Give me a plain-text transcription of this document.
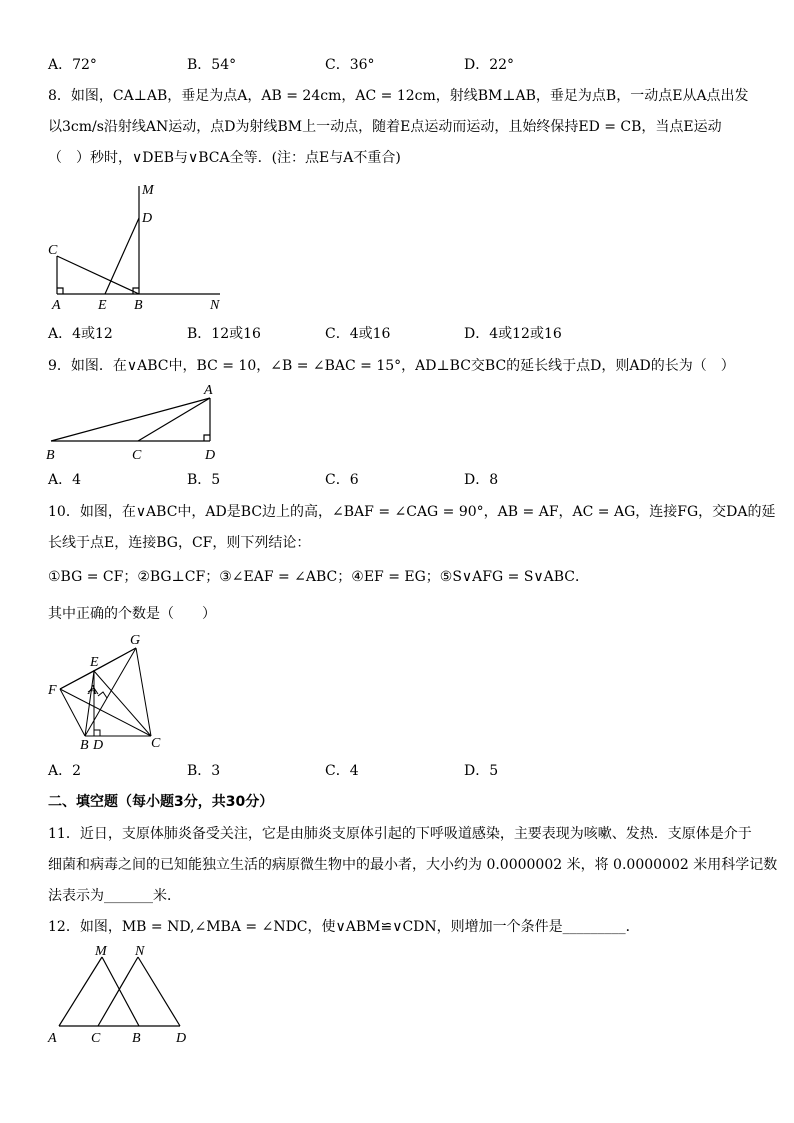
A．72°	B．54°	C．36°	D．22°
8．如图，CA⊥AB，垂足为点A，AB = 24cm，AC = 12cm，射线BM⊥AB，垂足为点B，一动点E从A点出发
以3cm/s沿射线AN运动，点D为射线BM上一动点，随着E点运动而运动，且始终保持ED = CB，当点E运动
（　）秒时，∨DEB与∨BCA全等．(注：点E与A不重合)
M
D
C
A	E B	N
A．4或12	B．12或16	C．4或16	D．4或12或16
9．如图．在∨ABC中，BC = 10，∠B = ∠BAC = 15°，AD⊥BC交BC的延长线于点D，则AD的长为（　）
A
B	C	D
A．4	B．5	C．6	D．8
10．如图，在∨ABC中，AD是BC边上的高，∠BAF = ∠CAG = 90°，AB = AF，AC = AG，连接FG，交DA的延
长线于点E，连接BG，CF，则下列结论：
①BG = CF；②BG⊥CF；③∠EAF = ∠ABC；④EF = EG；⑤S∨AFG = S∨ABC．
其中正确的个数是（　　）
G
E
F A
B D	C
A．2	B．3	C．4	D．5
二、填空题（每小题3分，共30分）
11．近日，支原体肺炎备受关注，它是由肺炎支原体引起的下呼吸道感染，主要表现为咳嗽、发热．支原体是介于
细菌和病毒之间的已知能独立生活的病原微生物中的最小者，大小约为 0.0000002 米，将 0.0000002 米用科学记数
法表示为_______米．
12．如图，MB = ND,∠MBA = ∠NDC，使∨ABM≌∨CDN，则增加一个条件是_________．
M N
A C B	D
